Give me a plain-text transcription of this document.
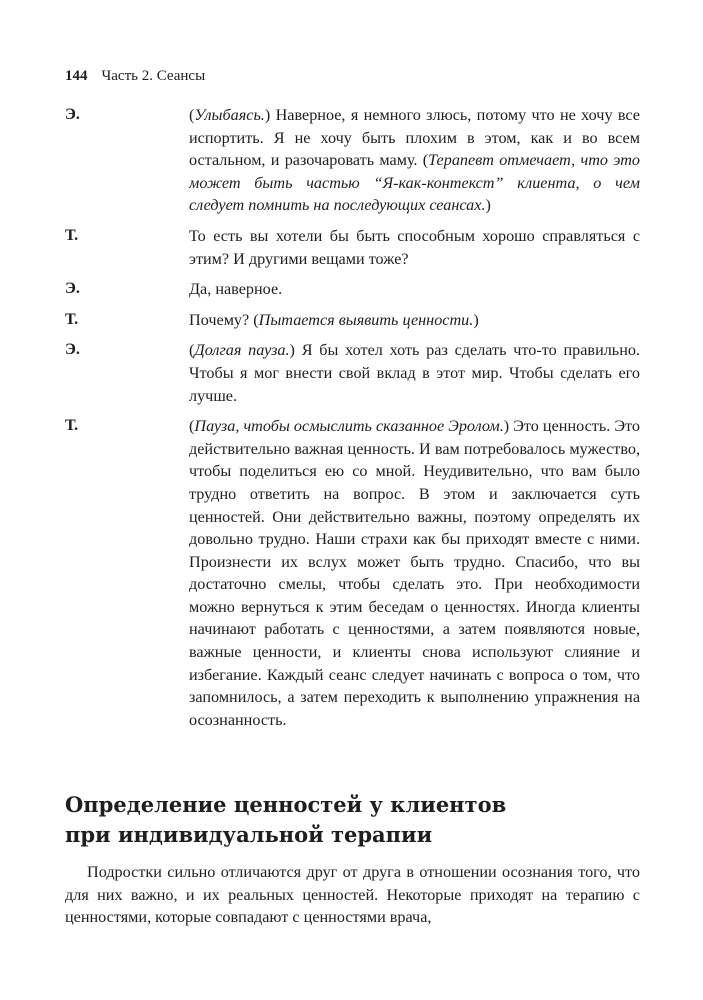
144 Часть 2. Сеансы
Э.	(Улыбаясь.) Наверное, я немного злюсь, потому что не хочу все испортить. Я не хочу быть плохим в этом, как и во всем остальном, и разочаровать маму. (Терапевт отмечает, что это может быть частью “Я-как-контекст” клиента, о чем следует помнить на последующих сеансах.)
Т.	То есть вы хотели бы быть способным хорошо справляться с этим? И другими вещами тоже?
Э.	Да, наверное.
Т.	Почему? (Пытается выявить ценности.)
Э.	(Долгая пауза.) Я бы хотел хоть раз сделать что-то правильно. Чтобы я мог внести свой вклад в этот мир. Чтобы сделать его лучше.
Т.	(Пауза, чтобы осмыслить сказанное Эролом.) Это ценность. Это действительно важная ценность. И вам потребовалось мужество, чтобы поделиться ею со мной. Неудивительно, что вам было трудно ответить на вопрос. В этом и заключается суть ценностей. Они действительно важны, поэтому определять их довольно трудно. Наши страхи как бы приходят вместе с ними. Произнести их вслух может быть трудно. Спасибо, что вы достаточно смелы, чтобы сделать это. При необходимости можно вернуться к этим беседам о ценностях. Иногда клиенты начинают работать с ценностями, а затем появляются новые, важные ценности, и клиенты снова используют слияние и избегание. Каждый сеанс следует начинать с вопроса о том, что запомнилось, а затем переходить к выполнению упражнения на осознанность.
Определение ценностей у клиентов
при индивидуальной терапии

Подростки сильно отличаются друг от друга в отношении осознания того, что для них важно, и их реальных ценностей. Некоторые приходят на терапию с ценностями, которые совпадают с ценностями врача,
